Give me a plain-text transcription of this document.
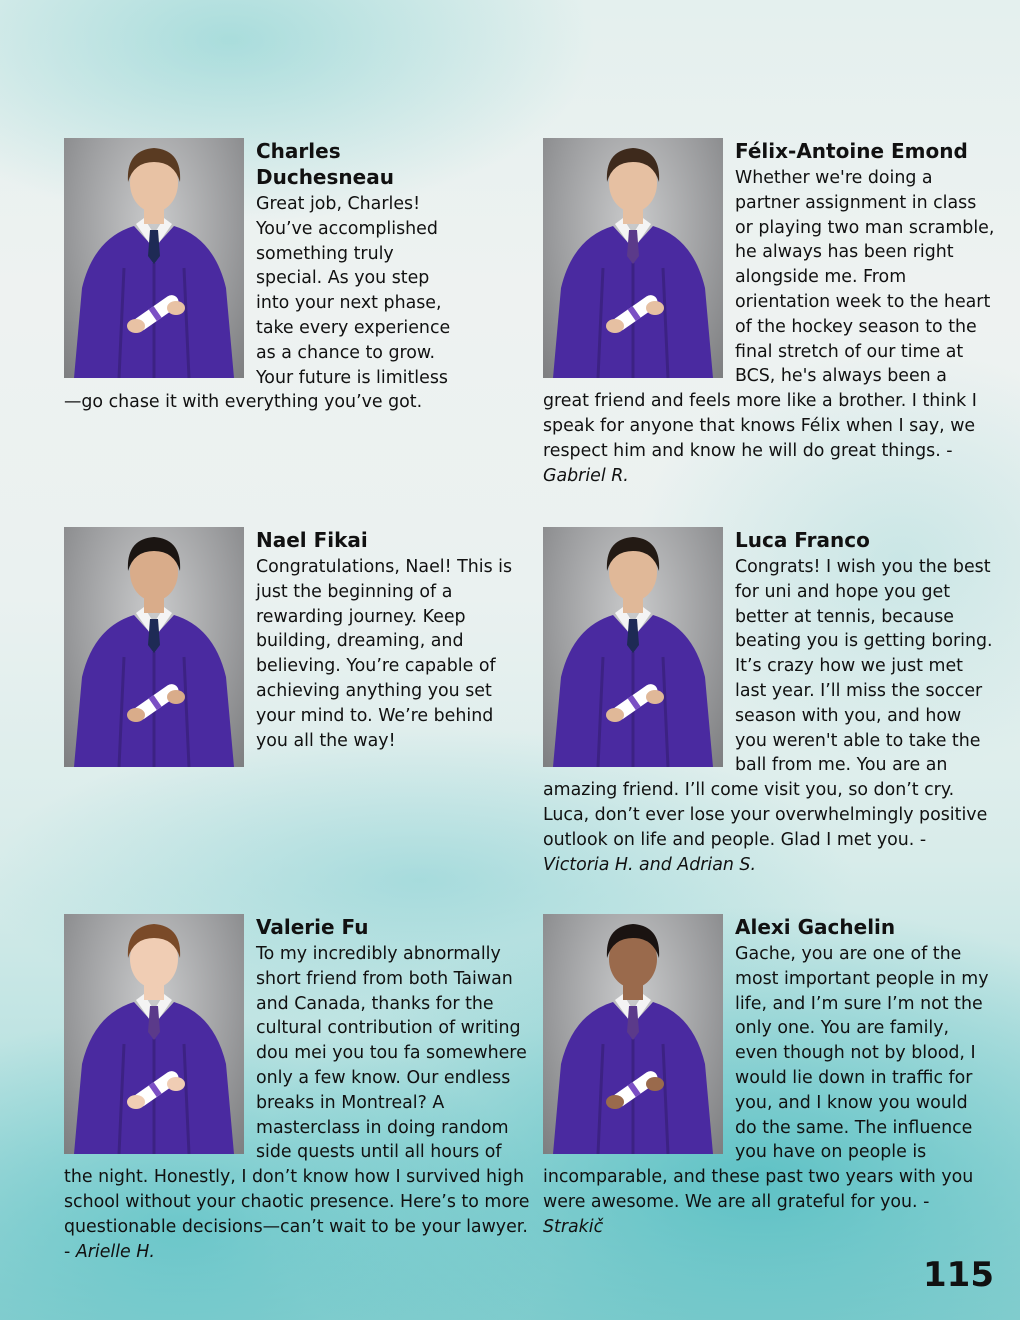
Charles Duchesneau

Great job, Charles! You’ve accomplished something truly special. As you step into your next phase, take every experience as a chance to grow. Your future is limitless—go chase it with everything you’ve got.

Félix-Antoine Emond

Whether we're doing a partner assignment in class or playing two man scramble, he always has been right alongside me. From orientation week to the heart of the hockey season to the final stretch of our time at BCS, he's always been a great friend and feels more like a brother. I think I speak for anyone that knows Félix when I say, we respect him and know he will do great things. - Gabriel R.

Nael Fikai

Congratulations, Nael! This is just the beginning of a rewarding journey. Keep building, dreaming, and believing. You’re capable of achieving anything you set your mind to. We’re behind you all the way!

Luca Franco

Congrats! I wish you the best for uni and hope you get better at tennis, because beating you is getting boring. It’s crazy how we just met last year. I’ll miss the soccer season with you, and how you weren't able to take the ball from me. You are an amazing friend. I’ll come visit you, so don’t cry. Luca, don’t ever lose your overwhelmingly positive outlook on life and people. Glad I met you. - Victoria H. and Adrian S.

Valerie Fu

To my incredibly abnormally short friend from both Taiwan and Canada, thanks for the cultural contribution of writing dou mei you tou fa somewhere only a few know. Our endless breaks in Montreal? A masterclass in doing random side quests until all hours of the night. Honestly, I don’t know how I survived high school without your chaotic presence. Here’s to more questionable decisions—can’t wait to be your lawyer. - Arielle H.

Alexi Gachelin

Gache, you are one of the most important people in my life, and I’m sure I’m not the only one. You are family, even though not by blood, I would lie down in traffic for you, and I know you would do the same. The influence you have on people is incomparable, and these past two years with you were awesome. We are all grateful for you. - Strakič

115
